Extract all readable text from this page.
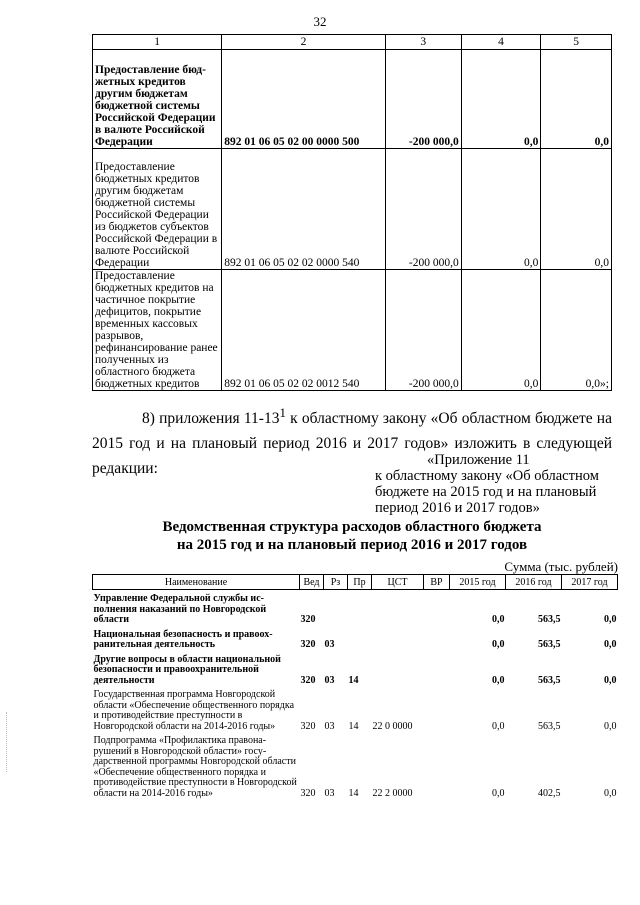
32
1	2	3	4	5
Предоставление бюджетных кредитов другим бюджетам бюджетной системы Российской Федерации в валюте Российской Федерации	892 01 06 05 02 00 0000 500	-200 000,0	0,0	0,0
Предоставление бюджетных кредитов другим бюджетам бюджетной системы Российской Федерации из бюджетов субъектов Российской Федерации в валюте Российской Федерации	892 01 06 05 02 02 0000 540	-200 000,0	0,0	0,0
Предоставление бюджетных кредитов на частичное покрытие дефицитов, покрытие временных кассовых разрывов, рефинансирование ранее полученных из областного бюджета бюджетных кредитов	892 01 06 05 02 02 0012 540	-200 000,0	0,0	0,0»;
8) приложения $11-13^1$ к областному закону «Об областном бюджете на 2015 год и на плановый период 2016 и 2017 годов» изложить в следующей редакции:
«Приложение 11
к областному закону «Об областном бюджете на 2015 год и на плановый период 2016 и 2017 годов»
Ведомственная структура расходов областного бюджета
на 2015 год и на плановый период 2016 и 2017 годов
Сумма (тыс. рублей)
Наименование	Вед	Рз	Пр	ЦСТ	ВР	2015 год	2016 год	2017 год
Управление Федеральной службы исполнения наказаний по Новгородской области	320					0,0	563,5	0,0
Национальная безопасность и правоохранительная деятельность	320	03				0,0	563,5	0,0
Другие вопросы в области национальной безопасности и правоохранительной деятельности	320	03	14			0,0	563,5	0,0
Государственная программа Новгородской области «Обеспечение общественного порядка и противодействие преступности в Новгородской области на 2014-2016 годы»	320	03	14	22 0 0000		0,0	563,5	0,0
Подпрограмма «Профилактика правонарушений в Новгородской области» государственной программы Новгородской области «Обеспечение общественного порядка и противодействие преступности в Новгородской области на 2014-2016 годы»	320	03	14	22 2 0000		0,0	402,5	0,0
